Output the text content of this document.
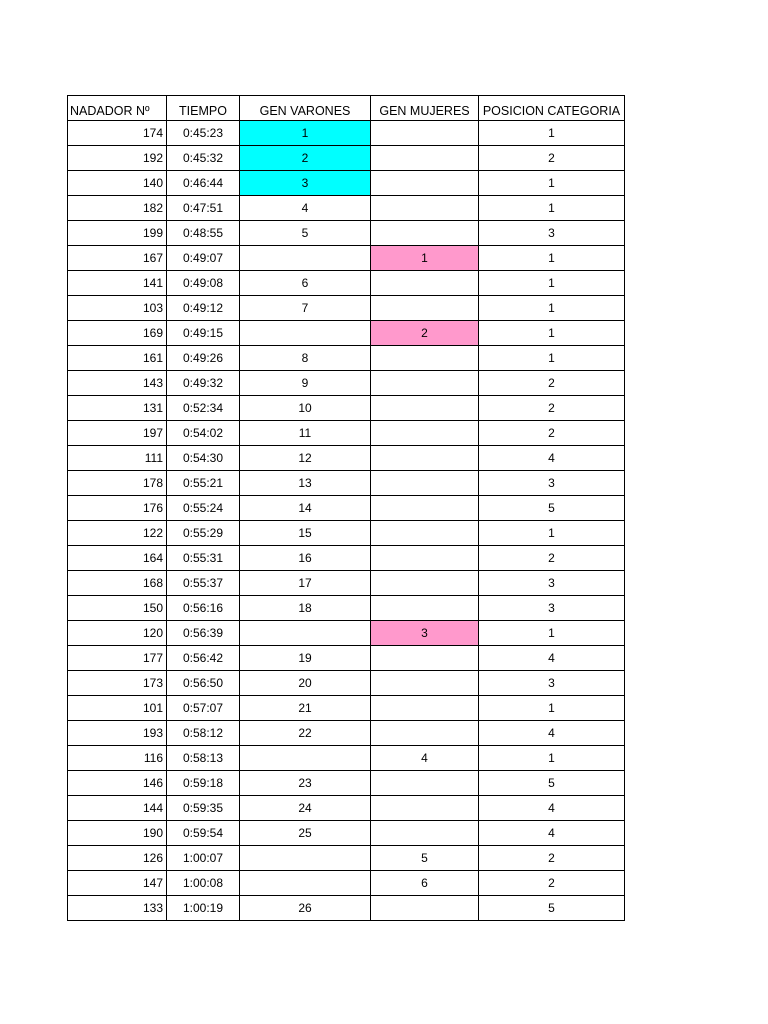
NADADOR Nº	TIEMPO	GEN VARONES	GEN MUJERES	POSICION CATEGORIA
174	0:45:23	1		1
192	0:45:32	2		2
140	0:46:44	3		1
182	0:47:51	4		1
199	0:48:55	5		3
167	0:49:07		1	1
141	0:49:08	6		1
103	0:49:12	7		1
169	0:49:15		2	1
161	0:49:26	8		1
143	0:49:32	9		2
131	0:52:34	10		2
197	0:54:02	11		2
111	0:54:30	12		4
178	0:55:21	13		3
176	0:55:24	14		5
122	0:55:29	15		1
164	0:55:31	16		2
168	0:55:37	17		3
150	0:56:16	18		3
120	0:56:39		3	1
177	0:56:42	19		4
173	0:56:50	20		3
101	0:57:07	21		1
193	0:58:12	22		4
116	0:58:13		4	1
146	0:59:18	23		5
144	0:59:35	24		4
190	0:59:54	25		4
126	1:00:07		5	2
147	1:00:08		6	2
133	1:00:19	26		5
